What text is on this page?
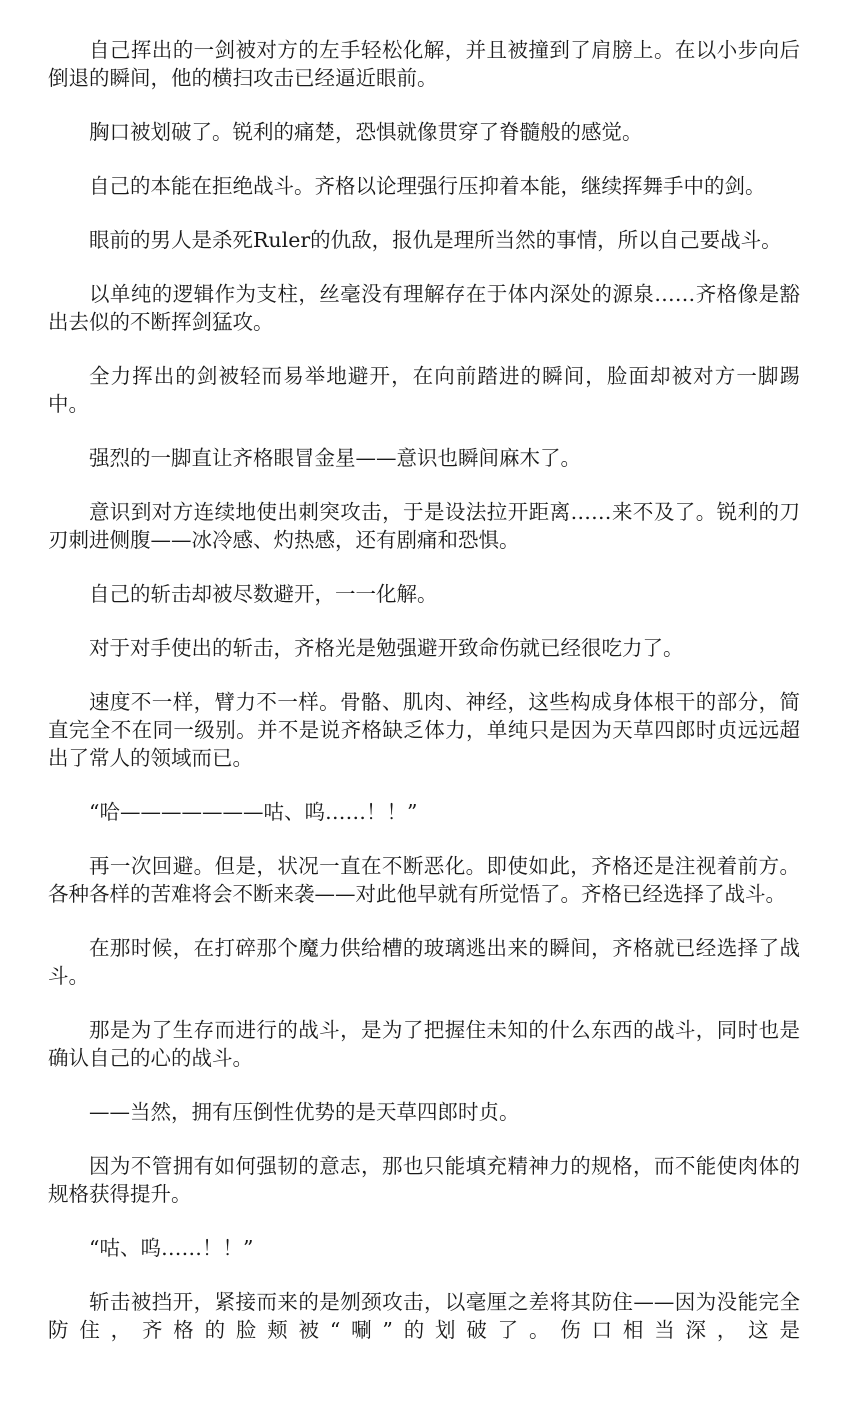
自己挥出的一剑被对方的左手轻松化解，并且被撞到了肩膀上。在以小步向后倒退的瞬间，他的横扫攻击已经逼近眼前。

胸口被划破了。锐利的痛楚，恐惧就像贯穿了脊髓般的感觉。

自己的本能在拒绝战斗。齐格以论理强行压抑着本能，继续挥舞手中的剑。

眼前的男人是杀死Ruler的仇敌，报仇是理所当然的事情，所以自己要战斗。

以单纯的逻辑作为支柱，丝毫没有理解存在于体内深处的源泉……齐格像是豁出去似的不断挥剑猛攻。

全力挥出的剑被轻而易举地避开，在向前踏进的瞬间，脸面却被对方一脚踢中。

强烈的一脚直让齐格眼冒金星——意识也瞬间麻木了。

意识到对方连续地使出刺突攻击，于是设法拉开距离……来不及了。锐利的刀刃刺进侧腹——冰冷感、灼热感，还有剧痛和恐惧。

自己的斩击却被尽数避开，一一化解。

对于对手使出的斩击，齐格光是勉强避开致命伤就已经很吃力了。

速度不一样，臂力不一样。骨骼、肌肉、神经，这些构成身体根干的部分，简直完全不在同一级别。并不是说齐格缺乏体力，单纯只是因为天草四郎时贞远远超出了常人的领域而已。

“哈———————咕、呜……！！”

再一次回避。但是，状况一直在不断恶化。即使如此，齐格还是注视着前方。各种各样的苦难将会不断来袭——对此他早就有所觉悟了。齐格已经选择了战斗。

在那时候，在打碎那个魔力供给槽的玻璃逃出来的瞬间，齐格就已经选择了战斗。

那是为了生存而进行的战斗，是为了把握住未知的什么东西的战斗，同时也是确认自己的心的战斗。

——当然，拥有压倒性优势的是天草四郎时贞。

因为不管拥有如何强韧的意志，那也只能填充精神力的规格，而不能使肉体的规格获得提升。

“咕、呜……！！”

斩击被挡开，紧接而来的是刎颈攻击，以毫厘之差将其防住——因为没能完全防住，齐格的脸颊被“唰”的划破了。伤口相当深，这是
